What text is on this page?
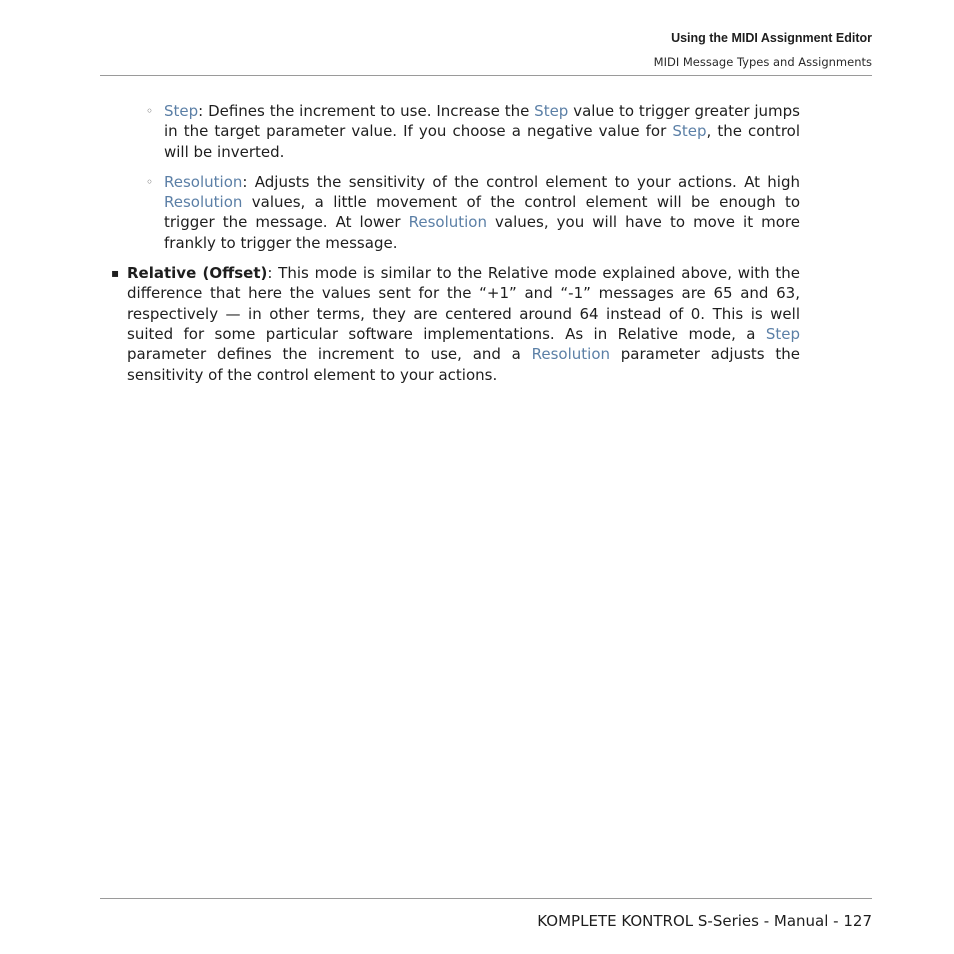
Using the MIDI Assignment Editor
MIDI Message Types and Assignments
◦ Step: Defines the increment to use. Increase the Step value to trigger greater jumps in the target parameter value. If you choose a negative value for Step, the control will be inverted.
◦ Resolution: Adjusts the sensitivity of the control element to your actions. At high Resolution values, a little movement of the control element will be enough to trigger the message. At lower Resolution values, you will have to move it more frankly to trigger the message.
▪ Relative (Offset): This mode is similar to the Relative mode explained above, with the difference that here the values sent for the “+1” and “-1” messages are 65 and 63, respectively — in other terms, they are centered around 64 instead of 0. This is well suited for some particular software implementations. As in Relative mode, a Step parameter defines the increment to use, and a Resolution parameter adjusts the sensitivity of the control element to your actions.
KOMPLETE KONTROL S-Series - Manual - 127
